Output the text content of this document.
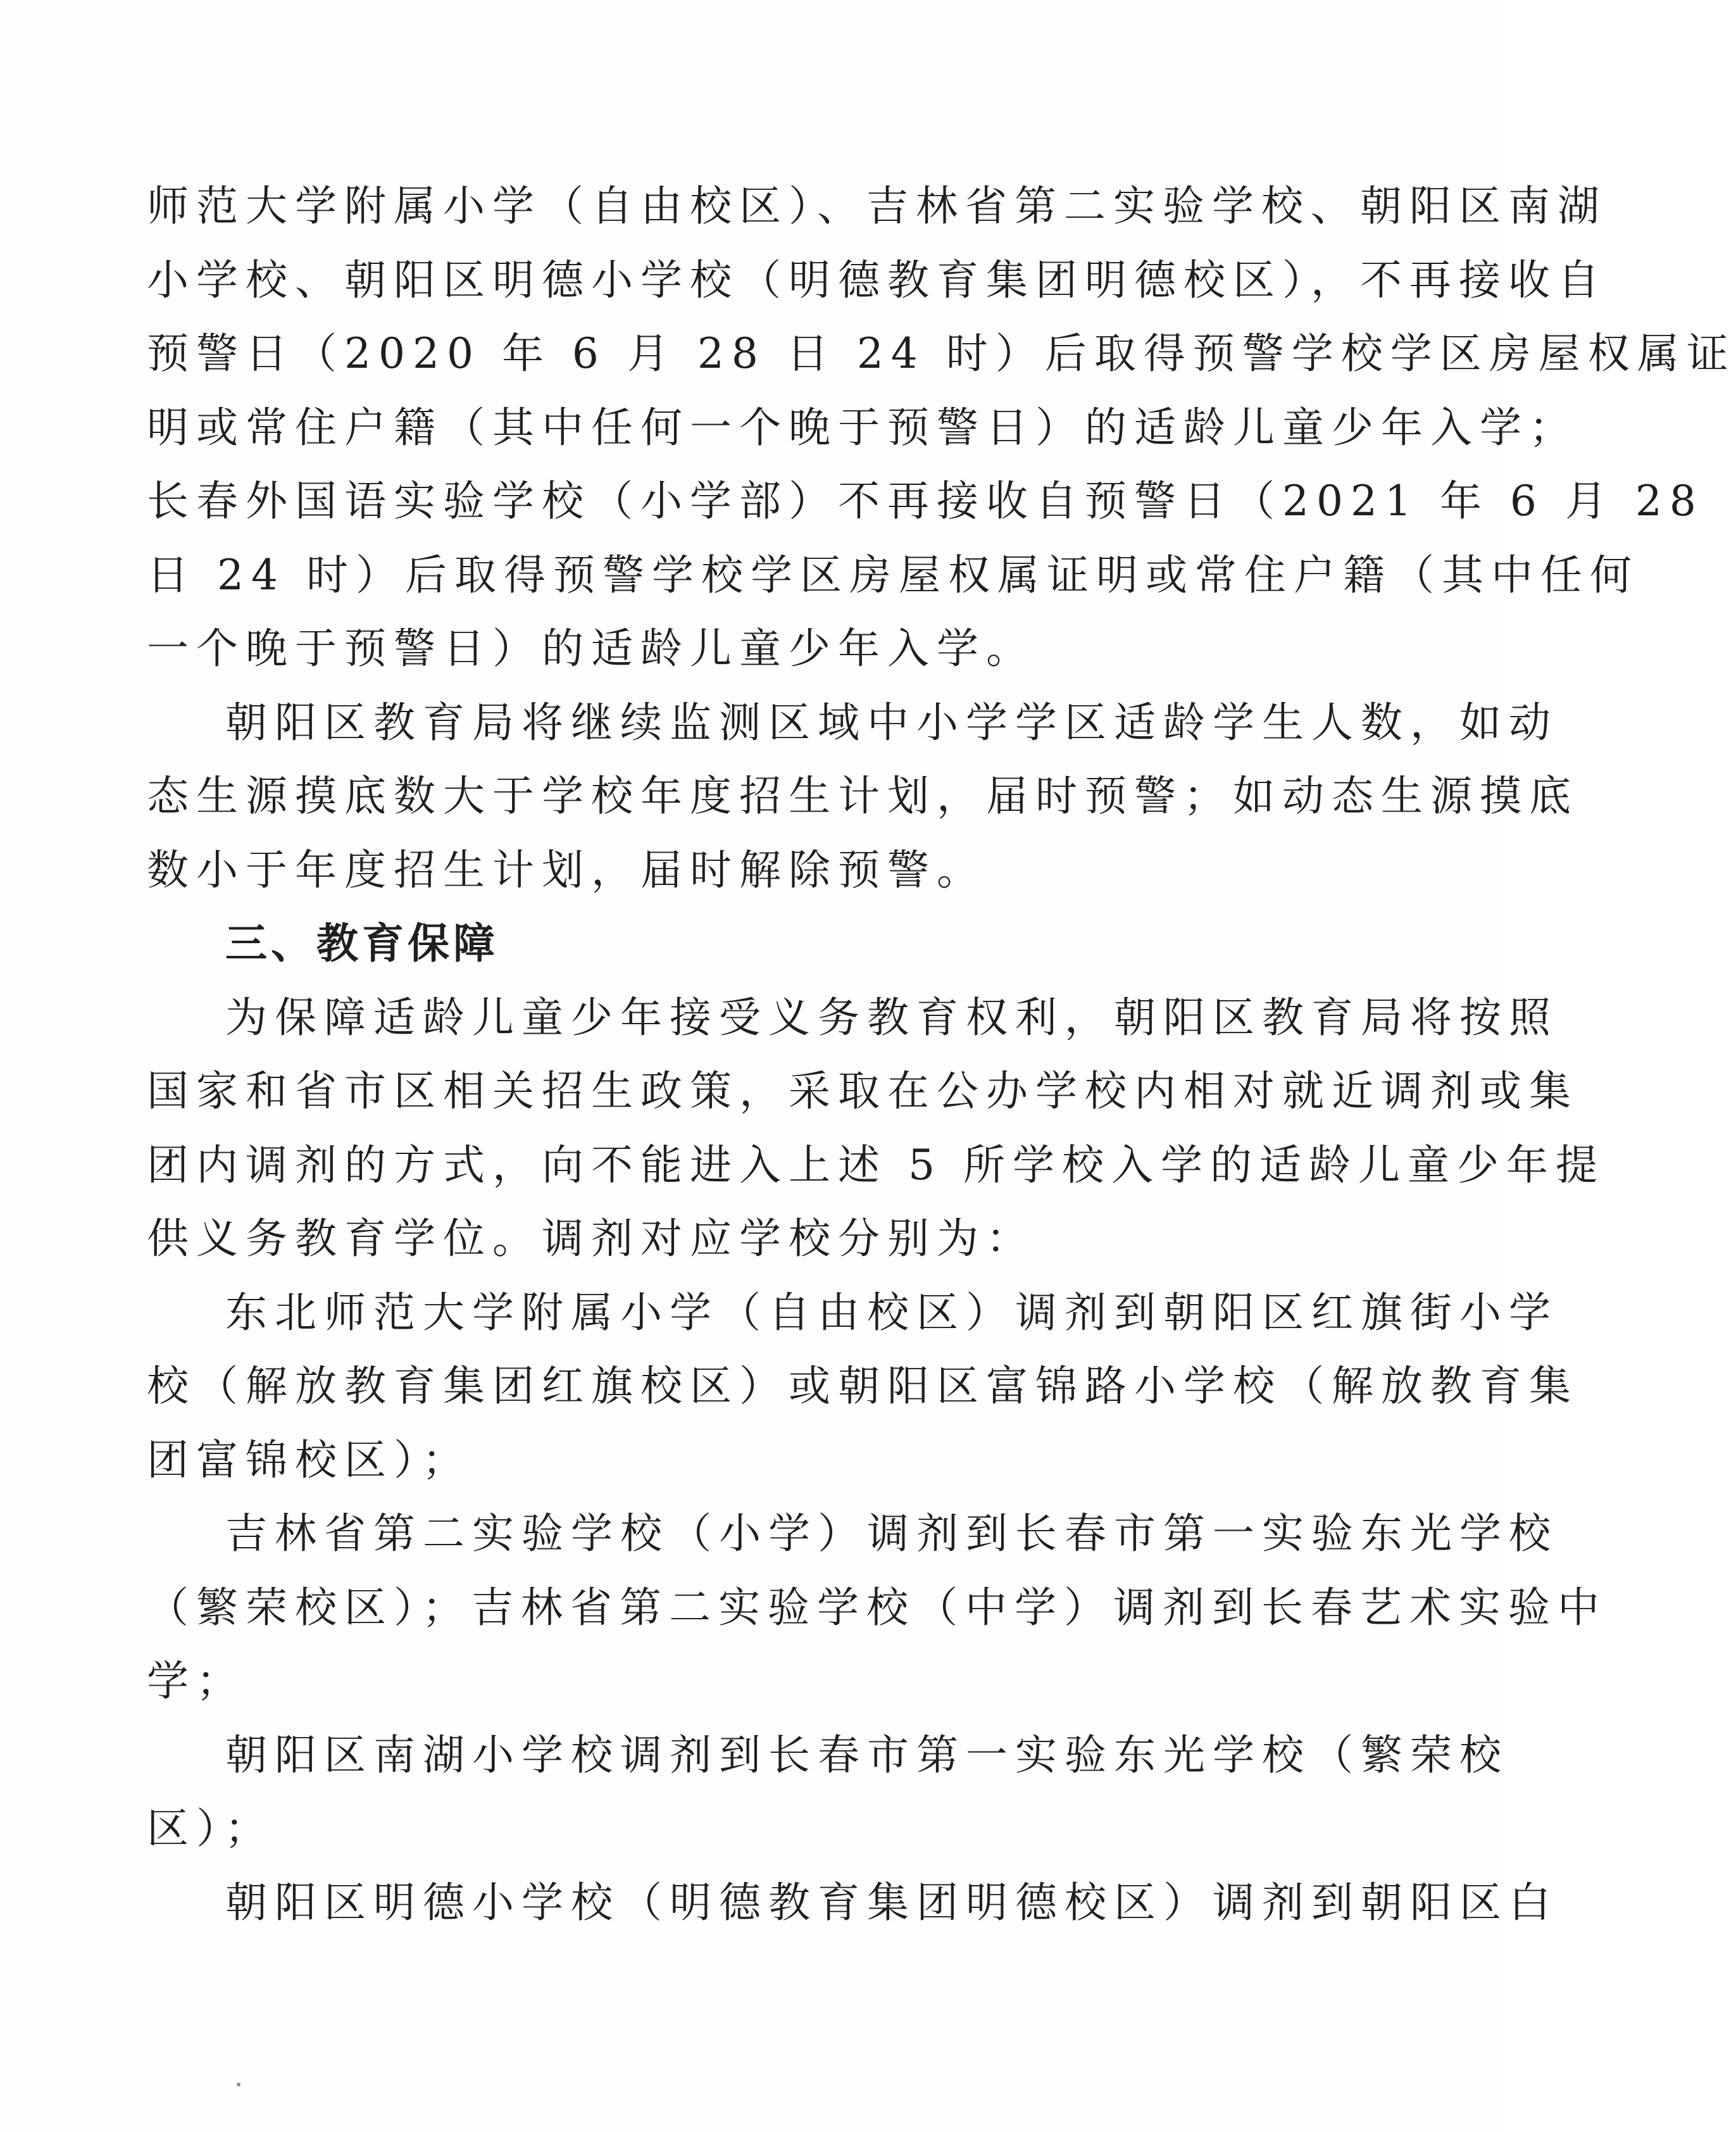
师范大学附属小学（自由校区）、吉林省第二实验学校、朝阳区南湖
小学校、朝阳区明德小学校（明德教育集团明德校区），不再接收自
预警日（2020 年 6 月 28 日 24 时）后取得预警学校学区房屋权属证
明或常住户籍（其中任何一个晚于预警日）的适龄儿童少年入学；
长春外国语实验学校（小学部）不再接收自预警日（2021 年 6 月 28
日 24 时）后取得预警学校学区房屋权属证明或常住户籍（其中任何
一个晚于预警日）的适龄儿童少年入学。
朝阳区教育局将继续监测区域中小学学区适龄学生人数，如动
态生源摸底数大于学校年度招生计划，届时预警；如动态生源摸底
数小于年度招生计划，届时解除预警。
三、教育保障
为保障适龄儿童少年接受义务教育权利，朝阳区教育局将按照
国家和省市区相关招生政策，采取在公办学校内相对就近调剂或集
团内调剂的方式，向不能进入上述 5 所学校入学的适龄儿童少年提
供义务教育学位。调剂对应学校分别为：
东北师范大学附属小学（自由校区）调剂到朝阳区红旗街小学
校（解放教育集团红旗校区）或朝阳区富锦路小学校（解放教育集
团富锦校区）；
吉林省第二实验学校（小学）调剂到长春市第一实验东光学校
（繁荣校区）；吉林省第二实验学校（中学）调剂到长春艺术实验中
学；
朝阳区南湖小学校调剂到长春市第一实验东光学校（繁荣校
区）；
朝阳区明德小学校（明德教育集团明德校区）调剂到朝阳区白
